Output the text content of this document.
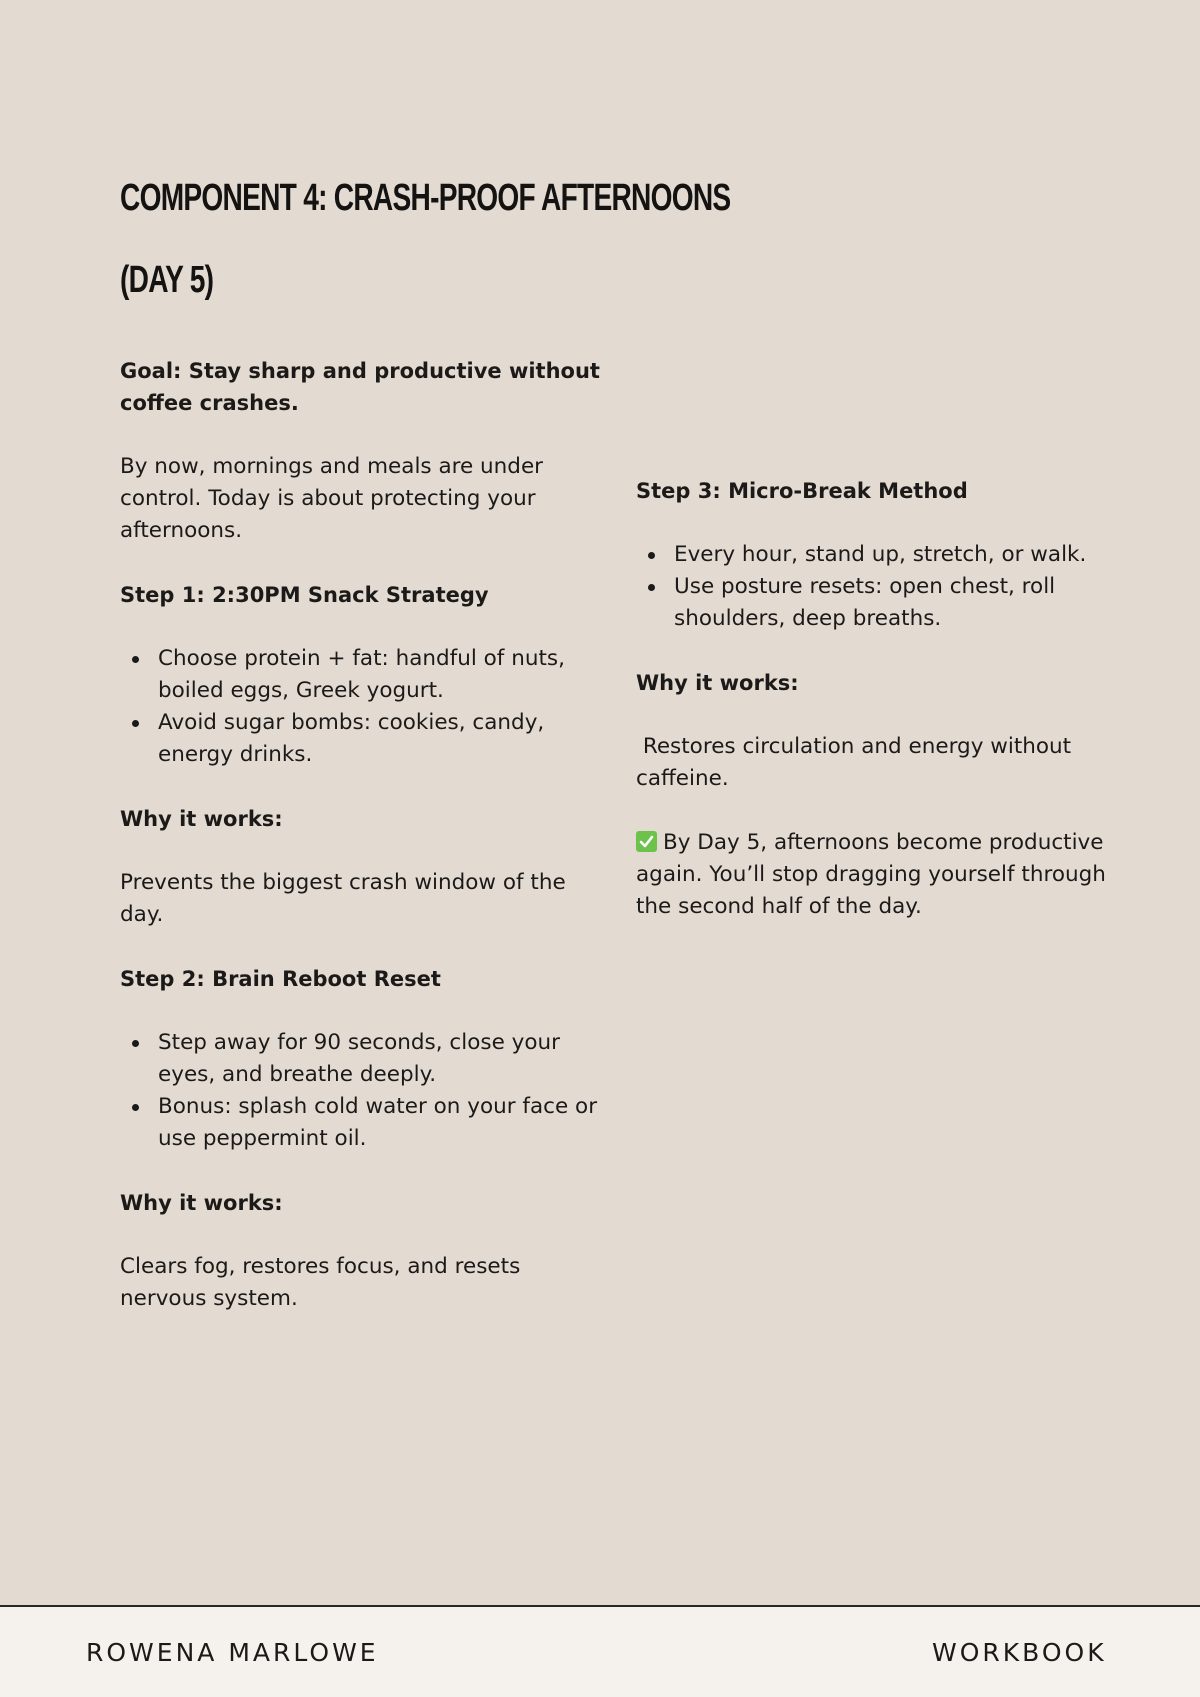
COMPONENT 4: CRASH-PROOF AFTERNOONS
(DAY 5)

Goal: Stay sharp and productive without coffee crashes.

By now, mornings and meals are under control. Today is about protecting your afternoons.

Step 1: 2:30PM Snack Strategy

Choose protein + fat: handful of nuts, boiled eggs, Greek yogurt.
Avoid sugar bombs: cookies, candy, energy drinks.

Why it works:

Prevents the biggest crash window of the day.

Step 2: Brain Reboot Reset

Step away for 90 seconds, close your eyes, and breathe deeply.
Bonus: splash cold water on your face or use peppermint oil.

Why it works:

Clears fog, restores focus, and resets nervous system.

Step 3: Micro-Break Method

Every hour, stand up, stretch, or walk.
Use posture resets: open chest, roll shoulders, deep breaths.

Why it works:

Restores circulation and energy without caffeine.

By Day 5, afternoons become productive again. You’ll stop dragging yourself through the second half of the day.

ROWENA MARLOWE	WORKBOOK
